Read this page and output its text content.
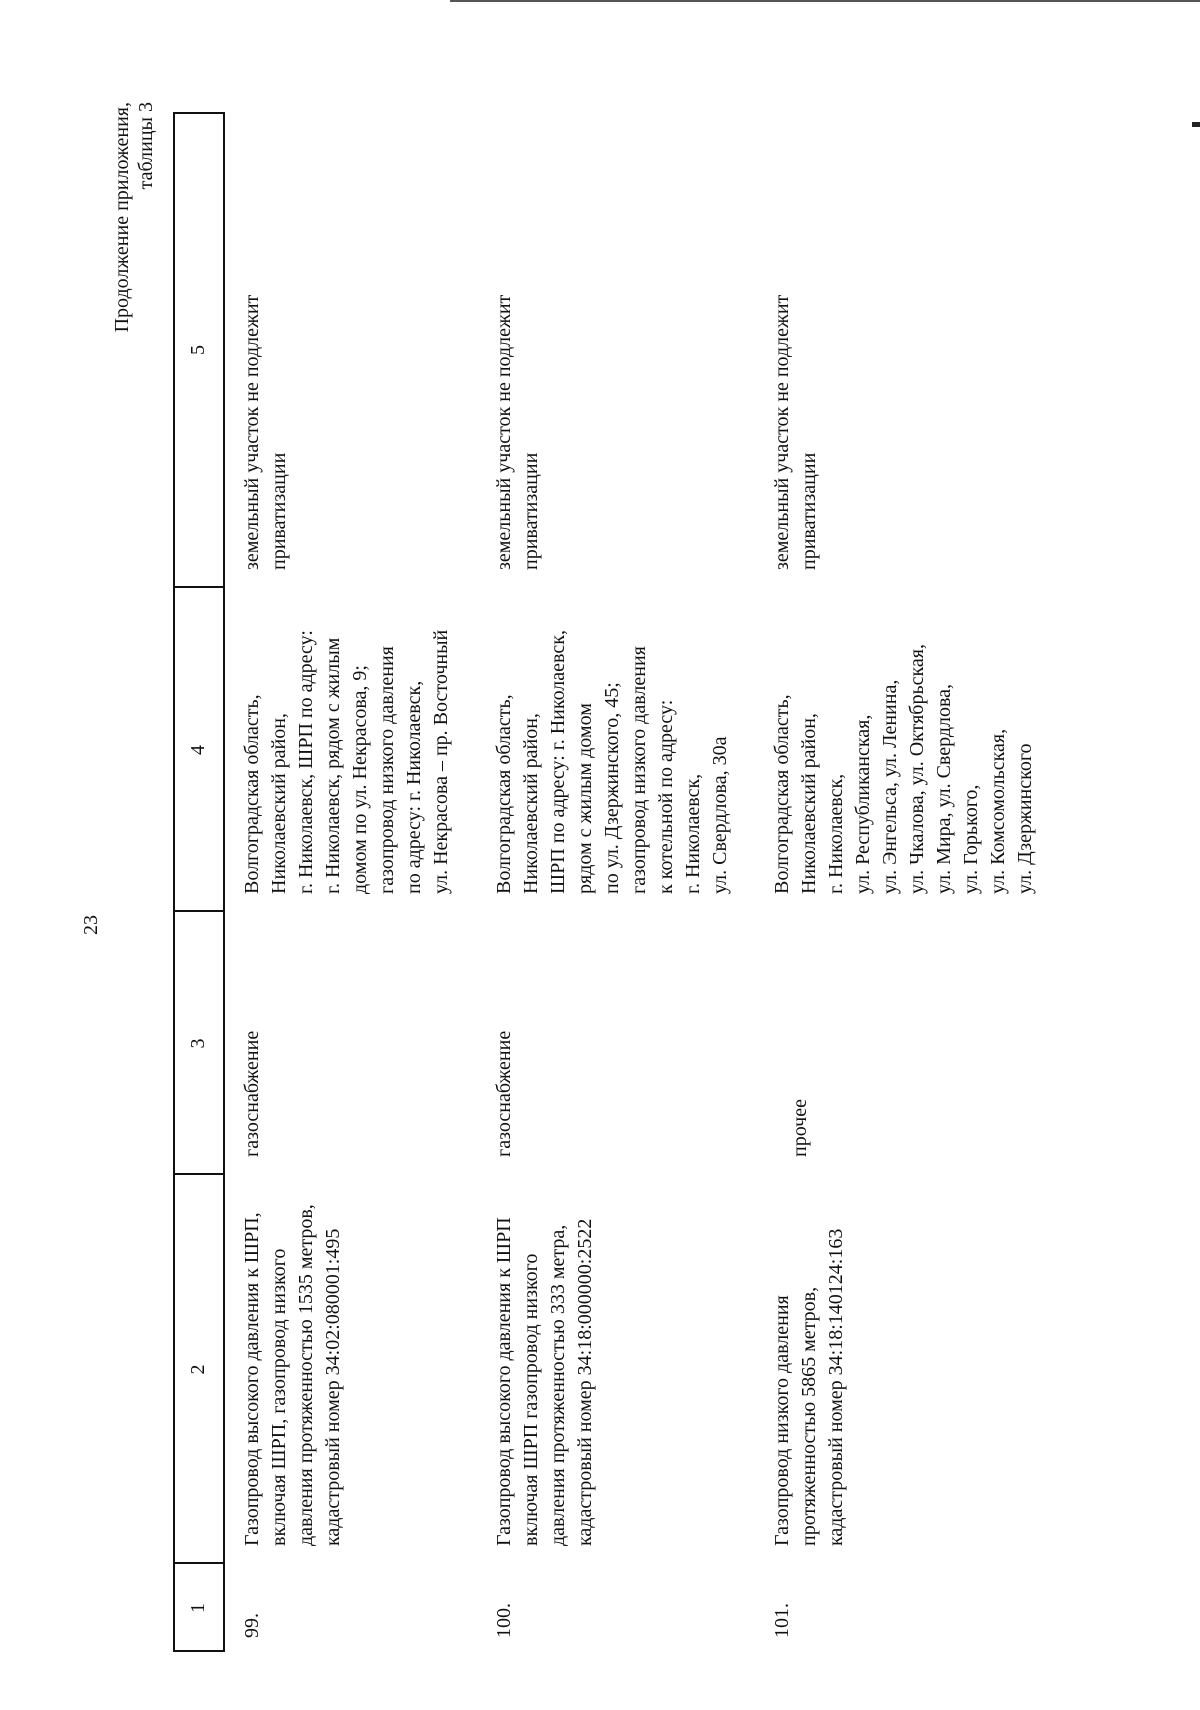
23
Продолжение приложения, таблицы 3
1
2
3
4
5
99.
Газопровод высокого давления к ШРП,
включая ШРП, газопровод низкого
давления протяженностью 1535 метров,
кадастровый номер 34:02:080001:495
газоснабжение
Волгоградская область,
Николаевский район,
г. Николаевск, ШРП по адресу:
г. Николаевск, рядом с жилым
домом по ул. Некрасова, 9;
газопровод низкого давления
по адресу: г. Николаевск,
ул. Некрасова – пр. Восточный
земельный участок не подлежит
приватизации
100.
Газопровод высокого давления к ШРП
включая ШРП газопровод низкого
давления протяженностью 333 метра,
кадастровый номер 34:18:000000:2522
газоснабжение
Волгоградская область,
Николаевский район,
ШРП по адресу: г. Николаевск,
рядом с жилым домом
по ул. Дзержинского, 45;
газопровод низкого давления
к котельной по адресу:
г. Николаевск,
ул. Свердлова, 30а
земельный участок не подлежит
приватизации
101.
Газопровод низкого давления
протяженностью 5865 метров,
кадастровый номер 34:18:140124:163
прочее
Волгоградская область,
Николаевский район,
г. Николаевск,
ул. Республиканская,
ул. Энгельса, ул. Ленина,
ул. Чкалова, ул. Октябрьская,
ул. Мира, ул. Свердлова,
ул. Горького,
ул. Комсомольская,
ул. Дзержинского
земельный участок не подлежит
приватизации
